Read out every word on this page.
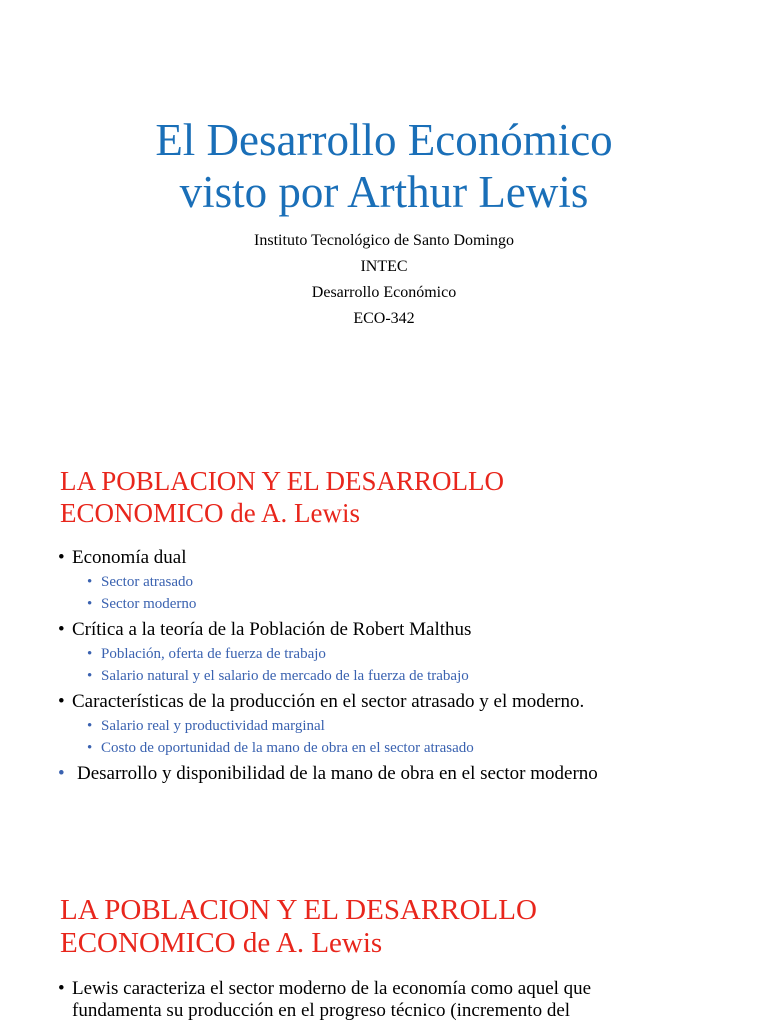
El Desarrollo Económico
visto por Arthur Lewis
Instituto Tecnológico de Santo Domingo
INTEC
Desarrollo Económico
ECO-342
LA POBLACION Y EL DESARROLLO
ECONOMICO de A. Lewis

• Economía dual

• Sector atrasado

• Sector moderno

• Crítica a la teoría de la Población de Robert Malthus

• Población, oferta de fuerza de trabajo

• Salario natural y el salario de mercado de la fuerza de trabajo

• Características de la producción en el sector atrasado y el moderno.

• Salario real y productividad marginal

• Costo de oportunidad de la mano de obra en el sector atrasado

• Desarrollo y disponibilidad de la mano de obra en el sector moderno

LA POBLACION Y EL DESARROLLO
ECONOMICO de A. Lewis

• Lewis caracteriza el sector moderno de la economía como aquel que

fundamenta su producción en el progreso técnico (incremento del
